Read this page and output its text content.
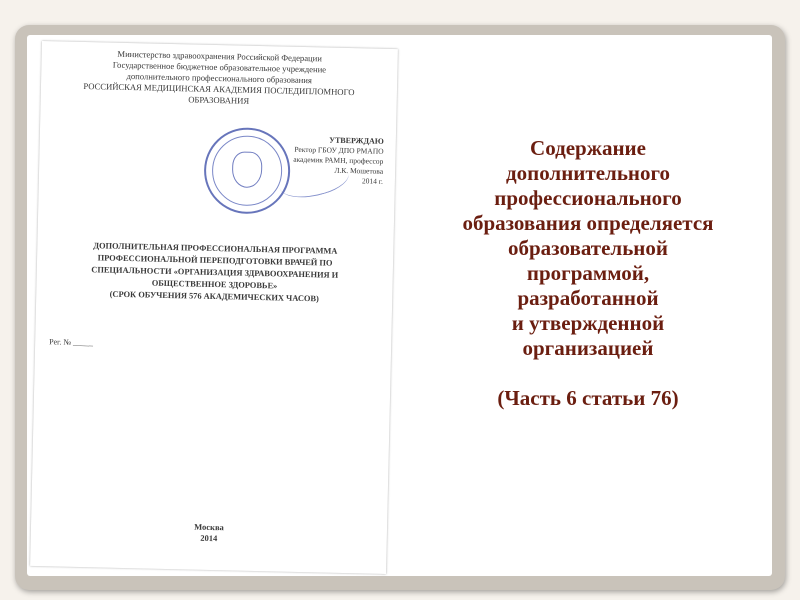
Министерство здравоохранения Российской Федерации
Государственное бюджетное образовательное учреждение
дополнительного профессионального образования
РОССИЙСКАЯ МЕДИЦИНСКАЯ АКАДЕМИЯ ПОСЛЕДИПЛОМНОГО
ОБРАЗОВАНИЯ
УТВЕРЖДАЮ
Ректор ГБОУ ДПО РМАПО
академик РАМН, профессор
Л.К. Мошетова
2014 г.
ДОПОЛНИТЕЛЬНАЯ ПРОФЕССИОНАЛЬНАЯ ПРОГРАММА
ПРОФЕССИОНАЛЬНОЙ ПЕРЕПОДГОТОВКИ ВРАЧЕЙ ПО
СПЕЦИАЛЬНОСТИ «ОРГАНИЗАЦИЯ ЗДРАВООХРАНЕНИЯ И
ОБЩЕСТВЕННОЕ ЗДОРОВЬЕ»
(СРОК ОБУЧЕНИЯ 576 АКАДЕМИЧЕСКИХ ЧАСОВ)
Рег. № _____
Москва
2014
Содержание
дополнительного
профессионального
образования определяется
образовательной
программой,
разработанной
и утвержденной
организацией
(Часть 6 статьи 76)
